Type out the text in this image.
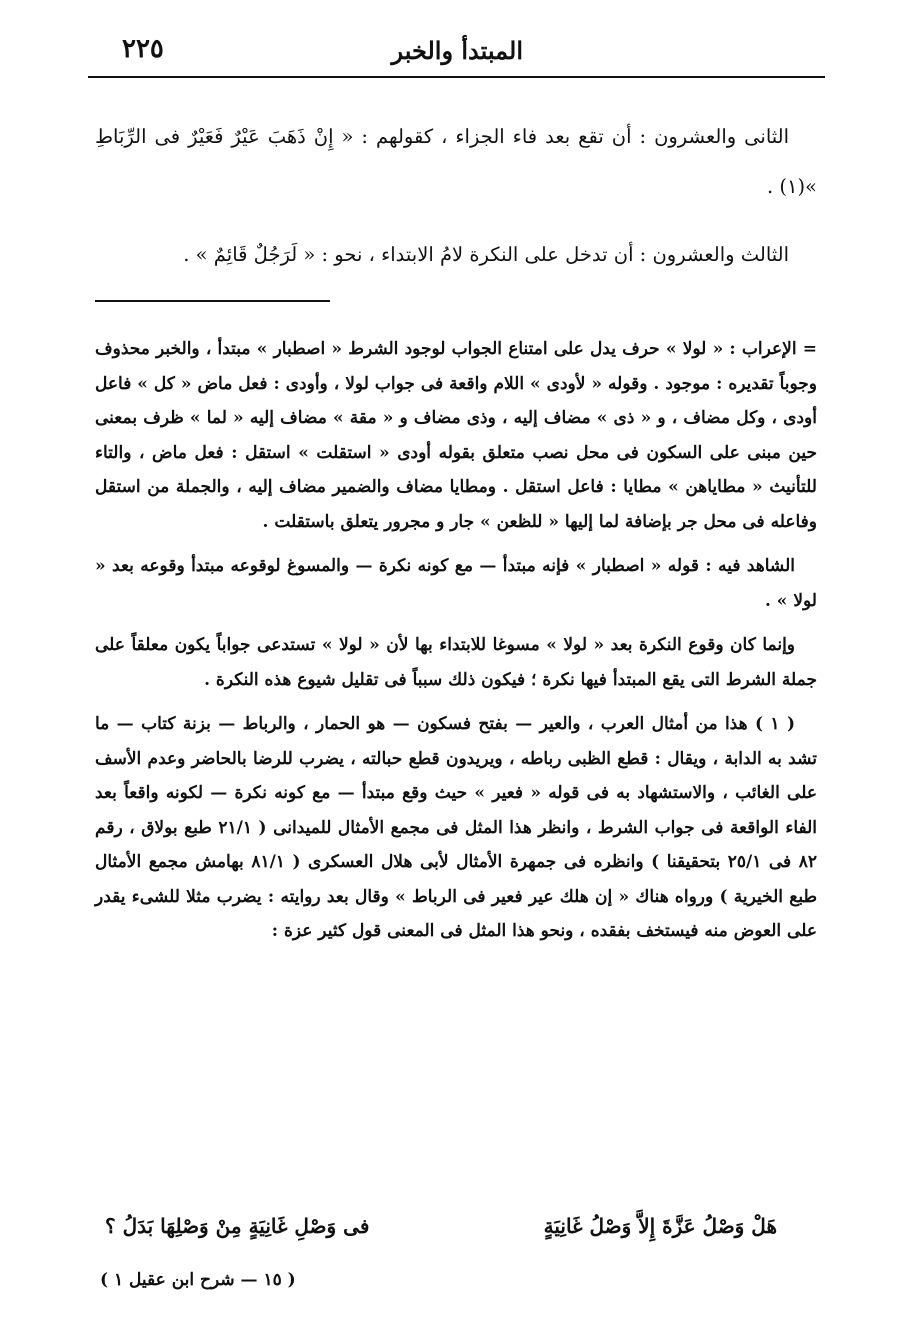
المبتدأ والخبر
٢٢٥

الثانى والعشرون : أن تقع بعد فاء الجزاء ، كقولهم : « إِنْ ذَهَبَ عَيْرٌ فَعَيْرٌ فى الرِّبَاطِ »(١) .

الثالث والعشرون : أن تدخل على النكرة لامُ الابتداء ، نحو : « لَرَجُلٌ قَائِمٌ » .

= الإعراب : « لولا » حرف يدل على امتناع الجواب لوجود الشرط « اصطبار » مبتدأ ، والخبر محذوف وجوباً تقديره : موجود . وقوله « لأودى » اللام واقعة فى جواب لولا ، وأودى : فعل ماض « كل » فاعل أودى ، وكل مضاف ، و « ذى » مضاف إليه ، وذى مضاف و « مقة » مضاف إليه « لما » ظرف بمعنى حين مبنى على السكون فى محل نصب متعلق بقوله أودى « استقلت » استقل : فعل ماض ، والتاء للتأنيث « مطاياهن » مطايا : فاعل استقل . ومطايا مضاف والضمير مضاف إليه ، والجملة من استقل وفاعله فى محل جر بإضافة لما إليها « للظعن » جار و مجرور يتعلق باستقلت .

الشاهد فيه : قوله « اصطبار » فإنه مبتدأ — مع كونه نكرة — والمسوغ لوقوعه مبتدأ وقوعه بعد « لولا » .

وإنما كان وقوع النكرة بعد « لولا » مسوغا للابتداء بها لأن « لولا » تستدعى جواباً يكون معلقاً على جملة الشرط التى يقع المبتدأ فيها نكرة ؛ فيكون ذلك سبباً فى تقليل شيوع هذه النكرة .

( ١ ) هذا من أمثال العرب ، والعير — بفتح فسكون — هو الحمار ، والرباط — بزنة كتاب — ما تشد به الدابة ، ويقال : قطع الظبى رباطه ، ويريدون قطع حبالته ، يضرب للرضا بالحاضر وعدم الأسف على الغائب ، والاستشهاد به فى قوله « فعير » حيث وقع مبتدأ — مع كونه نكرة — لكونه واقعاً بعد الفاء الواقعة فى جواب الشرط ، وانظر هذا المثل فى مجمع الأمثال للميدانى ( ٢١/١ طبع بولاق ، رقم ٨٢ فى ٢٥/١ بتحقيقنا ) وانظره فى جمهرة الأمثال لأبى هلال العسكرى ( ٨١/١ بهامش مجمع الأمثال طبع الخيرية ) ورواه هناك « إن هلك عير فعير فى الرباط » وقال بعد روايته : يضرب مثلا للشىء يقدر على العوض منه فيستخف بفقده ، ونحو هذا المثل فى المعنى قول كثير عزة :

هَلْ وَصْلُ عَزَّةَ إِلاَّ وَصْلُ غَانِيَةٍ
فى وَصْلِ غَانِيَةٍ مِنْ وَصْلِهَا بَدَلُ ؟
( ١٥ — شرح ابن عقيل ١ )
